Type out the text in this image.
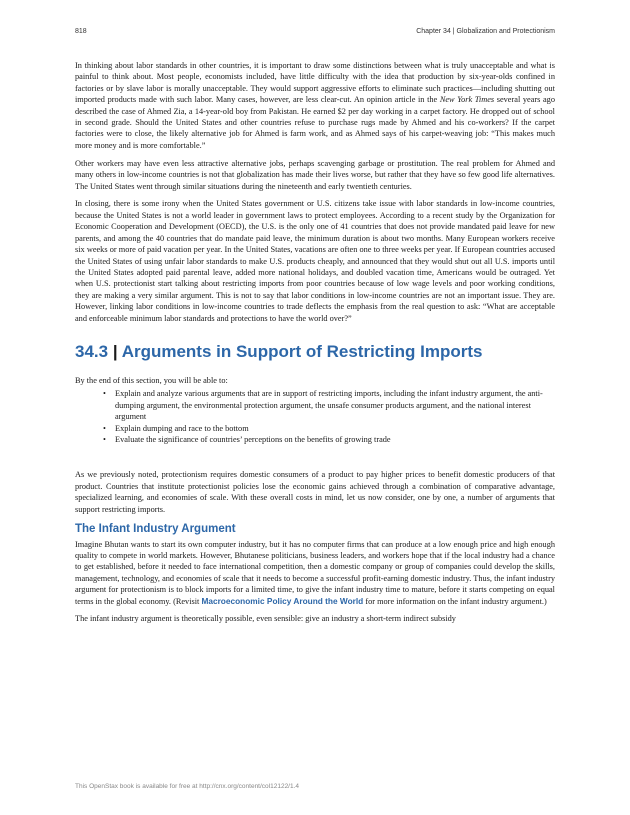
818	Chapter 34 | Globalization and Protectionism

In thinking about labor standards in other countries, it is important to draw some distinctions between what is truly unacceptable and what is painful to think about. Most people, economists included, have little difficulty with the idea that production by six-year-olds confined in factories or by slave labor is morally unacceptable. They would support aggressive efforts to eliminate such practices—including shutting out imported products made with such labor. Many cases, however, are less clear-cut. An opinion article in the New York Times several years ago described the case of Ahmed Zia, a 14-year-old boy from Pakistan. He earned $2 per day working in a carpet factory. He dropped out of school in second grade. Should the United States and other countries refuse to purchase rugs made by Ahmed and his co-workers? If the carpet factories were to close, the likely alternative job for Ahmed is farm work, and as Ahmed says of his carpet-weaving job: “This makes much more money and is more comfortable.”

Other workers may have even less attractive alternative jobs, perhaps scavenging garbage or prostitution. The real problem for Ahmed and many others in low-income countries is not that globalization has made their lives worse, but rather that they have so few good life alternatives. The United States went through similar situations during the nineteenth and early twentieth centuries.

In closing, there is some irony when the United States government or U.S. citizens take issue with labor standards in low-income countries, because the United States is not a world leader in government laws to protect employees. According to a recent study by the Organization for Economic Cooperation and Development (OECD), the U.S. is the only one of 41 countries that does not provide mandated paid leave for new parents, and among the 40 countries that do mandate paid leave, the minimum duration is about two months. Many European workers receive six weeks or more of paid vacation per year. In the United States, vacations are often one to three weeks per year. If European countries accused the United States of using unfair labor standards to make U.S. products cheaply, and announced that they would shut out all U.S. imports until the United States adopted paid parental leave, added more national holidays, and doubled vacation time, Americans would be outraged. Yet when U.S. protectionist start talking about restricting imports from poor countries because of low wage levels and poor working conditions, they are making a very similar argument. This is not to say that labor conditions in low-income countries are not an important issue. They are. However, linking labor conditions in low-income countries to trade deflects the emphasis from the real question to ask: “What are acceptable and enforceable minimum labor standards and protections to have the world over?”

34.3 | Arguments in Support of Restricting Imports

By the end of this section, you will be able to:

• Explain and analyze various arguments that are in support of restricting imports, including the infant industry argument, the anti-dumping argument, the environmental protection argument, the unsafe consumer products argument, and the national interest argument
• Explain dumping and race to the bottom
• Evaluate the significance of countries’ perceptions on the benefits of growing trade

As we previously noted, protectionism requires domestic consumers of a product to pay higher prices to benefit domestic producers of that product. Countries that institute protectionist policies lose the economic gains achieved through a combination of comparative advantage, specialized learning, and economies of scale. With these overall costs in mind, let us now consider, one by one, a number of arguments that support restricting imports.

The Infant Industry Argument

Imagine Bhutan wants to start its own computer industry, but it has no computer firms that can produce at a low enough price and high enough quality to compete in world markets. However, Bhutanese politicians, business leaders, and workers hope that if the local industry had a chance to get established, before it needed to face international competition, then a domestic company or group of companies could develop the skills, management, technology, and economies of scale that it needs to become a successful profit-earning domestic industry. Thus, the infant industry argument for protectionism is to block imports for a limited time, to give the infant industry time to mature, before it starts competing on equal terms in the global economy. (Revisit Macroeconomic Policy Around the World for more information on the infant industry argument.)

The infant industry argument is theoretically possible, even sensible: give an industry a short-term indirect subsidy

This OpenStax book is available for free at http://cnx.org/content/col12122/1.4
